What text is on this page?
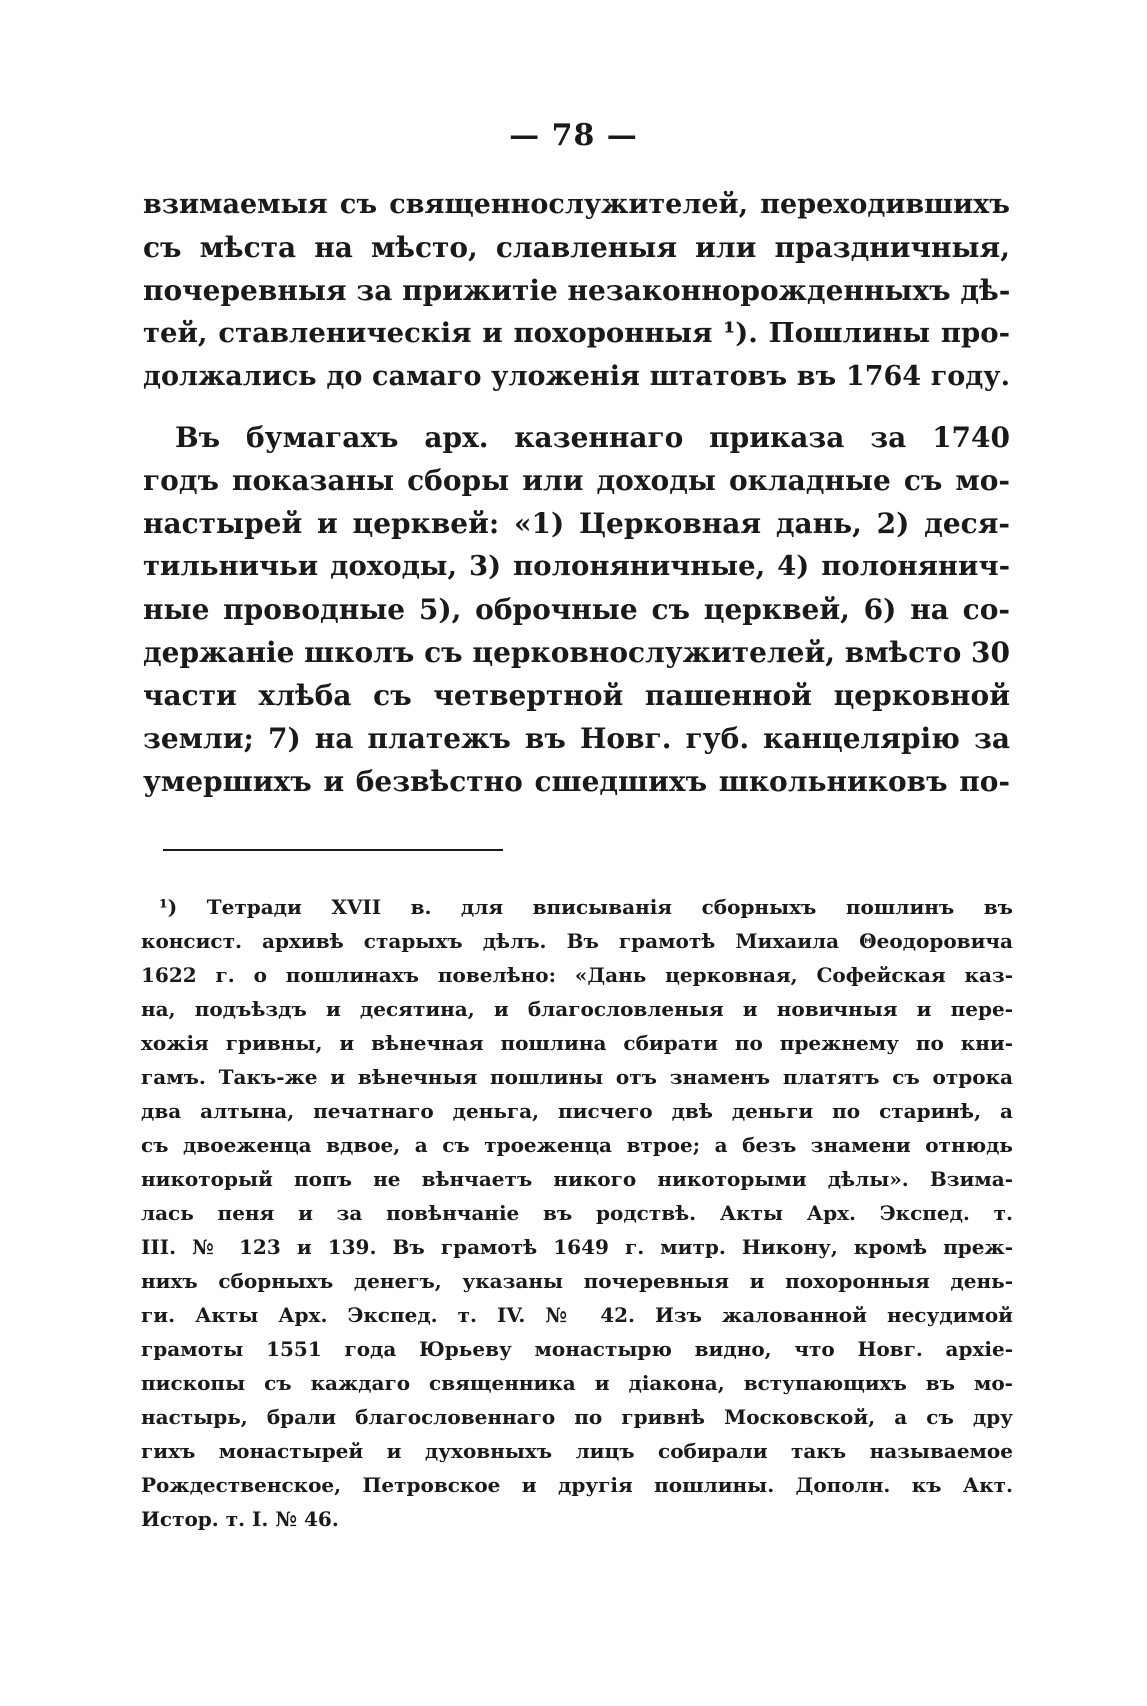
— 78 —
взимаемыя съ священнослужителей, переходившихъ
съ мѣста на мѣсто, славленыя или праздничныя,
почеревныя за прижитіе незаконнорожденныхъ дѣ-
тей, ставленическія и похоронныя ¹). Пошлины про-
должались до самаго уложенія штатовъ въ 1764 году.
Въ бумагахъ арх. казеннаго приказа за 1740
годъ показаны сборы или доходы окладные съ мо-
настырей и церквей: «1) Церковная дань, 2) деся-
тильничьи доходы, 3) полоняничные, 4) полонянич-
ные проводные 5), оброчные съ церквей, 6) на со-
держаніе школъ съ церковнослужителей, вмѣсто 30
части хлѣба съ четвертной пашенной церковной
земли; 7) на платежъ въ Новг. губ. канцелярію за
умершихъ и безвѣстно сшедшихъ школьниковъ по-
¹) Тетради XVII в. для вписыванія сборныхъ пошлинъ въ
консист. архивѣ старыхъ дѣлъ. Въ грамотѣ Михаила Θеодоровича
1622 г. о пошлинахъ повелѣно: «Дань церковная, Софейская каз-
на, подъѣздъ и десятина, и благословленыя и новичныя и пере-
хожія гривны, и вѣнечная пошлина сбирати по прежнему по кни-
гамъ. Такъ-же и вѣнечныя пошлины отъ знаменъ платятъ съ отрока
два алтына, печатнаго деньга, писчего двѣ деньги по старинѣ, а
съ двоеженца вдвое, а съ троеженца втрое; а безъ знамени отнюдь
никоторый попъ не вѣнчаетъ никого никоторыми дѣлы». Взима-
лась пеня и за повѣнчаніе въ родствѣ. Акты Арх. Экспед. т.
III. № 123 и 139. Въ грамотѣ 1649 г. митр. Никону, кромѣ преж-
нихъ сборныхъ денегъ, указаны почеревныя и похоронныя день-
ги. Акты Арх. Экспед. т. IV. № 42. Изъ жалованной несудимой
грамоты 1551 года Юрьеву монастырю видно, что Новг. архіе-
пископы съ каждаго священника и діакона, вступающихъ въ мо-
настырь, брали благословеннаго по гривнѣ Московской, а съ дру
гихъ монастырей и духовныхъ лицъ собирали такъ называемое
Рождественское, Петровское и другія пошлины. Дополн. къ Акт.
Истор. т. I. № 46.
